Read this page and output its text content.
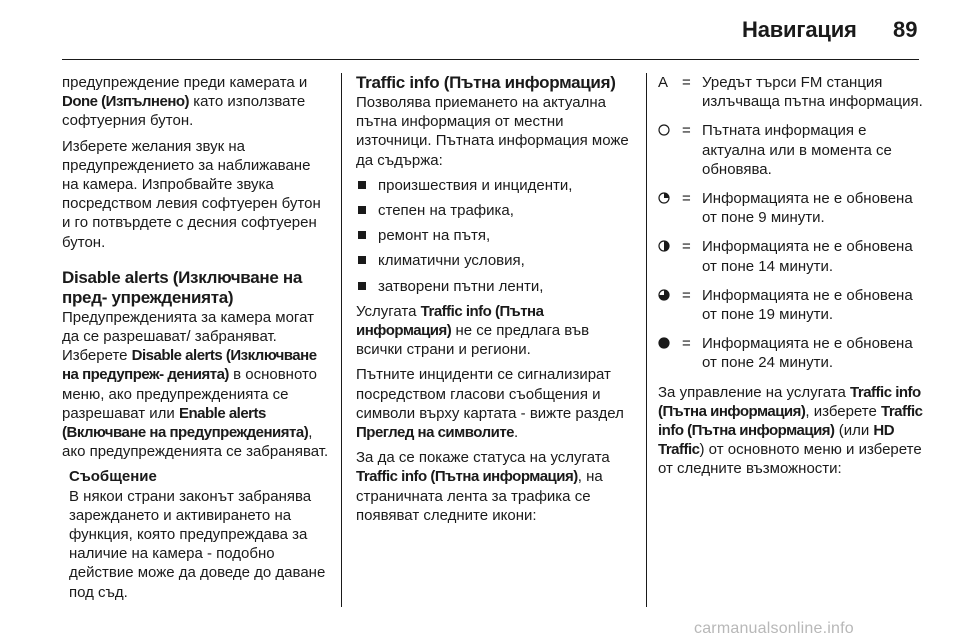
Навигация 89

предупреждение преди камерата и Done (Изпълнено) като използвате софтуерния бутон.

Изберете желания звук на предупреждението за наближаване на камера. Изпробвайте звука посредством левия софтуерен бутон и го потвърдете с десния софтуерен бутон.

Disable alerts (Изключване на пред‐ упрежденията)

Предупрежденията за камера могат да се разрешават/ забраняват. Изберете Disable alerts (Изключване на предупреж‐ денията) в основното меню, ако предупрежденията се разрешават или Enable alerts (Включване на предупрежденията), ако предупрежденията се забраняват.

Съобщение
В някои страни законът забранява зареждането и активирането на функция, която предупреждава за наличие на камера - подобно действие може да доведе до даване под съд.
Traffic info (Пътна информация)

Позволява приемането на актуална пътна информация от местни източници. Пътната информация може да съдържа:

произшествия и инциденти,
степен на трафика,
ремонт на пътя,
климатични условия,
затворени пътни ленти,

Услугата Traffic info (Пътна информация) не се предлага във всички страни и региони.

Пътните инциденти се сигнализират посредством гласови съобщения и символи върху картата - вижте раздел Преглед на символите.

За да се покаже статуса на услугата Traffic info (Пътна информация), на страничната лента за трафика се появяват следните икони:

A = Уредът търси FM станция излъчваща пътна информация.
= Пътната информация е актуална или в момента се обновява.
= Информацията не е обновена от поне 9 минути.
= Информацията не е обновена от поне 14 минути.
= Информацията не е обновена от поне 19 минути.
= Информацията не е обновена от поне 24 минути.

За управление на услугата Traffic info (Пътна информация), изберете Traffic info (Пътна информация) (или HD Traffic) от основното меню и изберете от следните възможности:

carmanualsonline.info
